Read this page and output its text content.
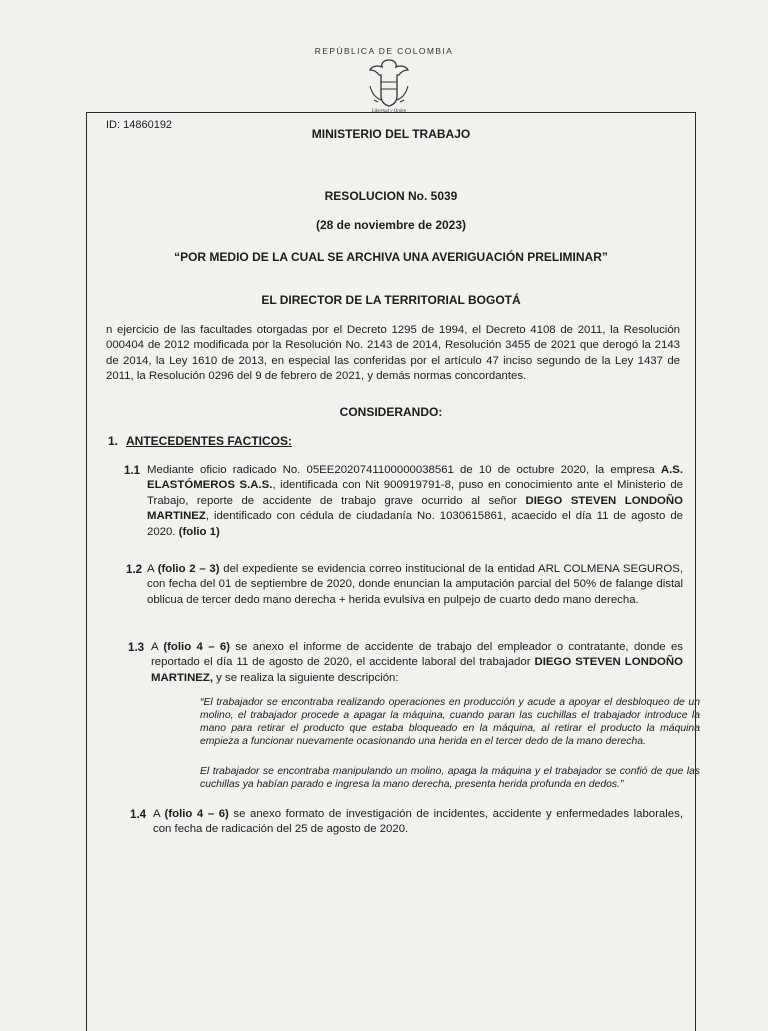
REPÚBLICA DE COLOMBIA
Libertad y Orden
ID: 14860192
MINISTERIO DEL TRABAJO
RESOLUCION No. 5039
(28 de noviembre de 2023)
“POR MEDIO DE LA CUAL SE ARCHIVA UNA AVERIGUACIÓN PRELIMINAR”
EL DIRECTOR DE LA TERRITORIAL BOGOTÁ
n ejercicio de las facultades otorgadas por el Decreto 1295 de 1994, el Decreto 4108 de 2011, la Resolución 000404 de 2012 modificada por la Resolución No. 2143 de 2014, Resolución 3455 de 2021 que derogó la 2143 de 2014, la Ley 1610 de 2013, en especial las conferidas por el artículo 47 inciso segundo de la Ley 1437 de 2011, la Resolución 0296 del 9 de febrero de 2021, y demás normas concordantes.
CONSIDERANDO:
1. ANTECEDENTES FACTICOS:
1.1 Mediante oficio radicado No. 05EE2020741100000038561 de 10 de octubre 2020, la empresa A.S. ELASTÓMEROS S.A.S., identificada con Nit 900919791-8, puso en conocimiento ante el Ministerio de Trabajo, reporte de accidente de trabajo grave ocurrido al señor DIEGO STEVEN LONDOÑO MARTINEZ, identificado con cédula de ciudadanía No. 1030615861, acaecido el día 11 de agosto de 2020. (folio 1)
1.2 A (folio 2 – 3) del expediente se evidencia correo institucional de la entidad ARL COLMENA SEGUROS, con fecha del 01 de septiembre de 2020, donde enuncian la amputación parcial del 50% de falange distal oblicua de tercer dedo mano derecha + herida evulsiva en pulpejo de cuarto dedo mano derecha.
1.3 A (folio 4 – 6) se anexo el informe de accidente de trabajo del empleador o contratante, donde es reportado el día 11 de agosto de 2020, el accidente laboral del trabajador DIEGO STEVEN LONDOÑO MARTINEZ, y se realiza la siguiente descripción:
“El trabajador se encontraba realizando operaciones en producción y acude a apoyar el desbloqueo de un molino, el trabajador procede a apagar la máquina, cuando paran las cuchillas el trabajador introduce la mano para retirar el producto que estaba bloqueado en la máquina, al retirar el producto la máquina empieza a funcionar nuevamente ocasionando una herida en el tercer dedo de la mano derecha.
El trabajador se encontraba manipulando un molino, apaga la máquina y el trabajador se confió de que las cuchillas ya habían parado e ingresa la mano derecha, presenta herida profunda en dedos.”
1.4 A (folio 4 – 6) se anexo formato de investigación de incidentes, accidente y enfermedades laborales, con fecha de radicación del 25 de agosto de 2020.
